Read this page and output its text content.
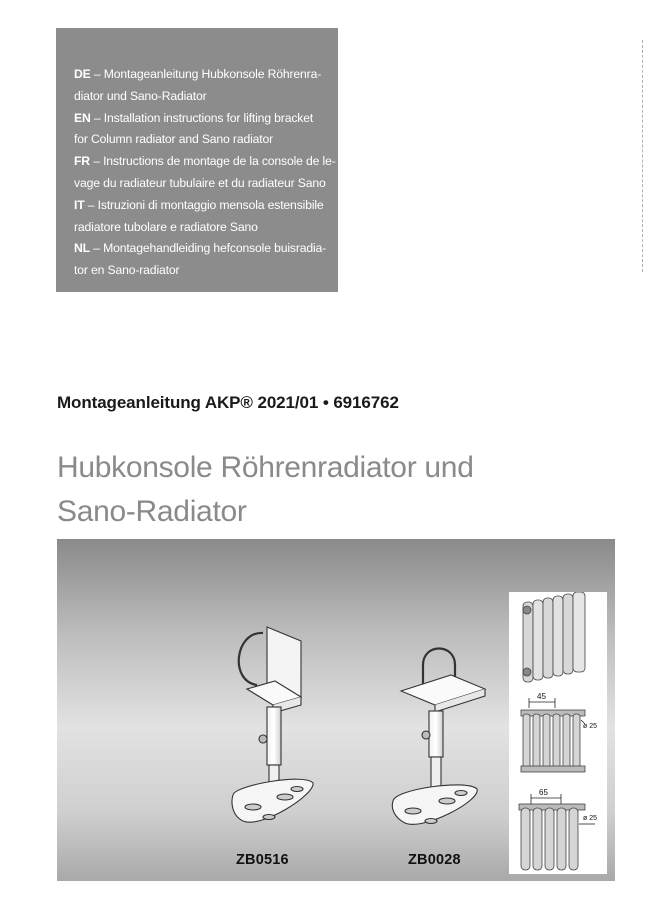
DE – Montageanleitung Hubkonsole Röhrenra-
diator und Sano-Radiator
EN – Installation instructions for lifting bracket
for Column radiator and Sano radiator
FR – Instructions de montage de la console de le-
vage du radiateur tubulaire et du radiateur Sano
IT – Istruzioni di montaggio mensola estensibile
radiatore tubolare e radiatore Sano
NL – Montagehandleiding hefconsole buisradia-
tor en Sano-radiator
Montageanleitung AKP® 2021/01 • 6916762
Hubkonsole Röhrenradiator und
Sano-Radiator
45
ø 25
65
ø 25
ZB0516	ZB0028
